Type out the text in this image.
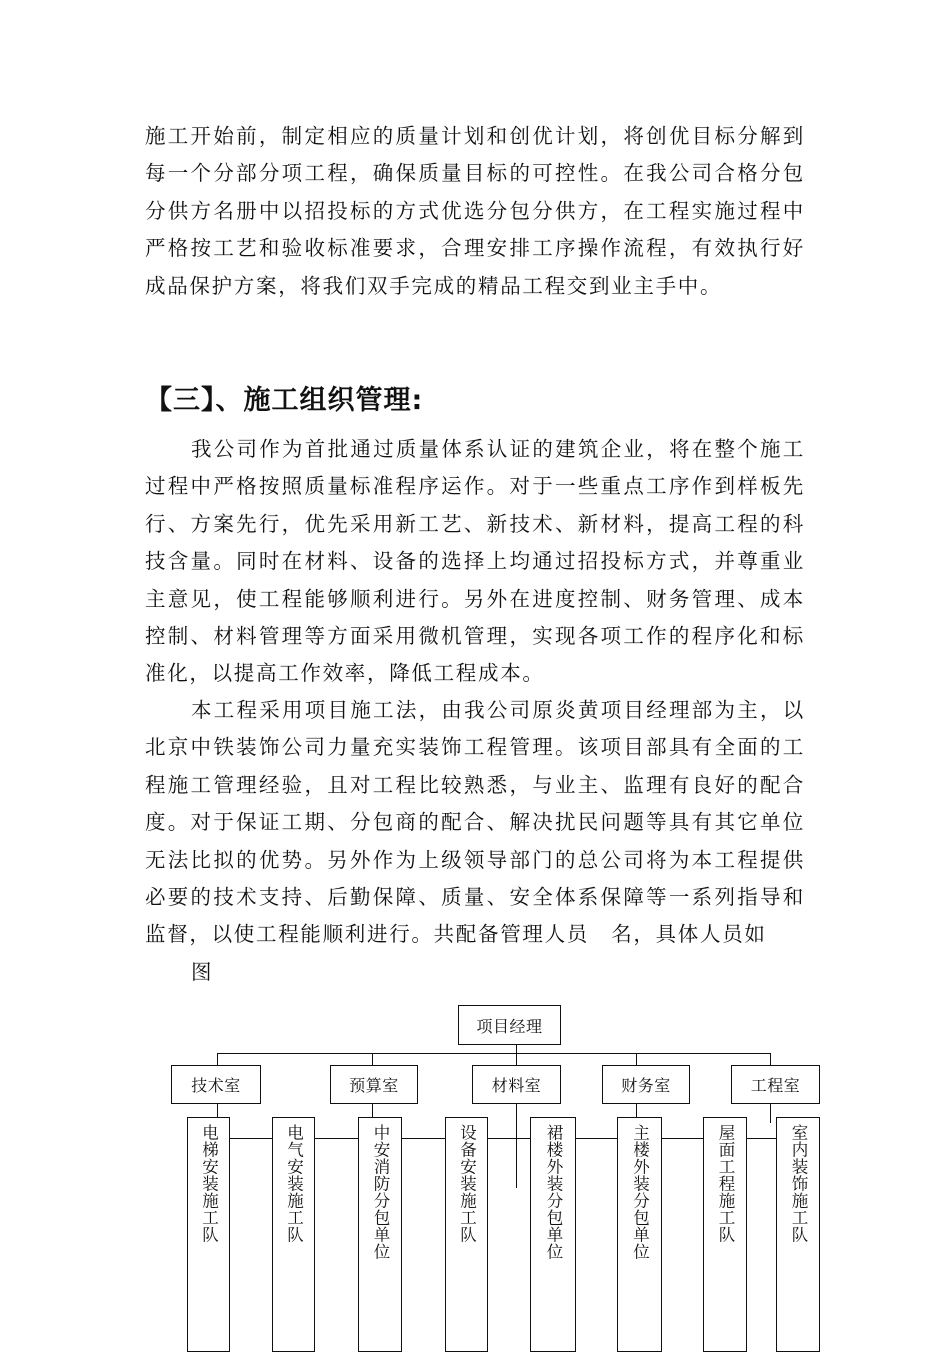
施工开始前，制定相应的质量计划和创优计划，将创优目标分解到每一个分部分项工程，确保质量目标的可控性。在我公司合格分包分供方名册中以招投标的方式优选分包分供方，在工程实施过程中严格按工艺和验收标准要求，合理安排工序操作流程，有效执行好成品保护方案，将我们双手完成的精品工程交到业主手中。

【三】、施工组织管理:

我公司作为首批通过质量体系认证的建筑企业，将在整个施工过程中严格按照质量标准程序运作。对于一些重点工序作到样板先行、方案先行，优先采用新工艺、新技术、新材料，提高工程的科技含量。同时在材料、设备的选择上均通过招投标方式，并尊重业主意见，使工程能够顺利进行。另外在进度控制、财务管理、成本控制、材料管理等方面采用微机管理，实现各项工作的程序化和标准化，以提高工作效率，降低工程成本。

本工程采用项目施工法，由我公司原炎黄项目经理部为主，以北京中铁装饰公司力量充实装饰工程管理。该项目部具有全面的工程施工管理经验，且对工程比较熟悉，与业主、监理有良好的配合度。对于保证工期、分包商的配合、解决扰民问题等具有其它单位无法比拟的优势。另外作为上级领导部门的总公司将为本工程提供必要的技术支持、后勤保障、质量、安全体系保障等一系列指导和监督，以使工程能顺利进行。共配备管理人员　名，具体人员如

图

项目经理
技术室	预算室	材料室	财务室	工程室
电梯安装施工队	电气安装施工队	中安消防分包单位	设备安装施工队	裙楼外装分包单位	主楼外装分包单位	屋面工程施工队	室内装饰施工队
